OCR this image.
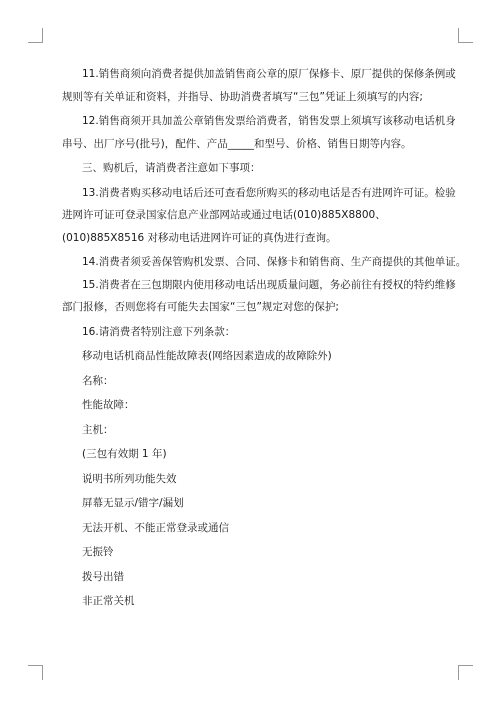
11.销售商须向消费者提供加盖销售商公章的原厂保修卡、原厂提供的保修条例或

规则等有关单证和资料，并指导、协助消费者填写“三包”凭证上须填写的内容;

12.销售商须开具加盖公章销售发票给消费者，销售发票上须填写该移动电话机身

串号、出厂序号(批号)，配件、产品_____和型号、价格、销售日期等内容。

三、购机后，请消费者注意如下事项：

13.消费者购买移动电话后还可查看您所购买的移动电话是否有进网许可证。检验

进网许可证可登录国家信息产业部网站或通过电话(010)885X8800、

(010)885X8516 对移动电话进网许可证的真伪进行查询。

14.消费者须妥善保管购机发票、合同、保修卡和销售商、生产商提供的其他单证。

15.消费者在三包期限内使用移动电话出现质量问题，务必前往有授权的特约维修

部门报修，否则您将有可能失去国家“三包”规定对您的保护;

16.请消费者特别注意下列条款：

移动电话机商品性能故障表(网络因素造成的故障除外)

名称：

性能故障：

主机：

(三包有效期 1 年)

说明书所列功能失效

屏幕无显示/错字/漏划

无法开机、不能正常登录或通信

无振铃

拨号出错

非正常关机
